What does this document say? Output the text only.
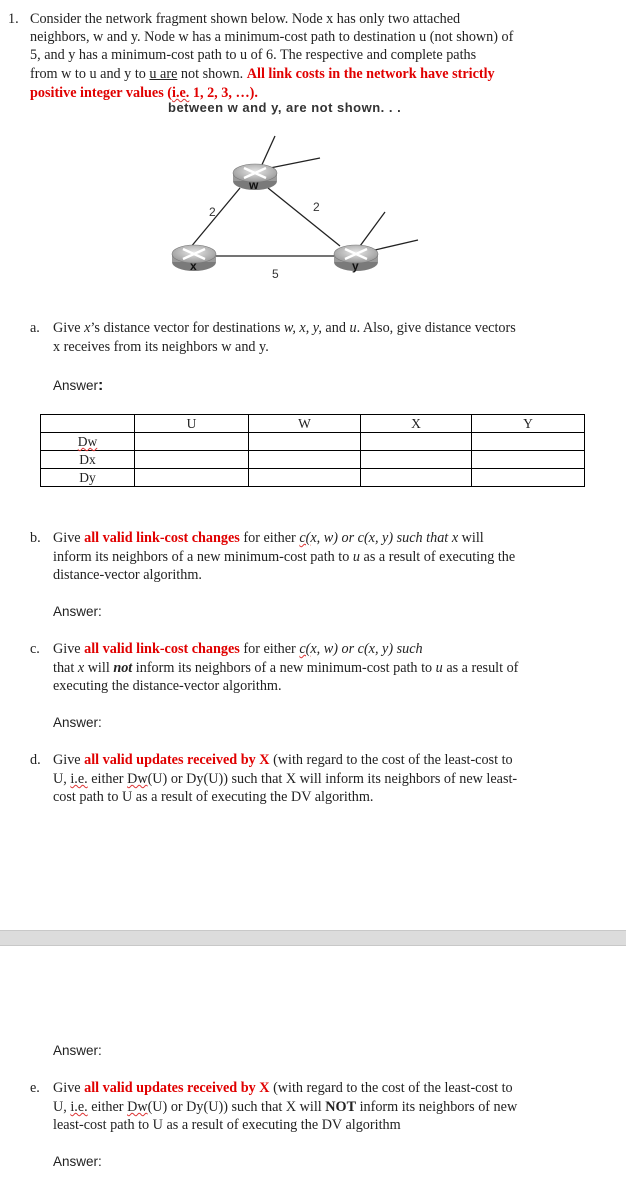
1. Consider the network fragment shown below. Node x has only two attached
neighbors, w and y. Node w has a minimum-cost path to destination u (not shown) of
5, and y has a minimum-cost path to u of 6. The respective and complete paths
from w to u and y to u are not shown. All link costs in the network have strictly
positive integer values (i.e. 1, 2, 3, …).
between w and y, are not shown. . .
w
x	y
2	2
5
a. Give x’s distance vector for destinations w, x, y, and u. Also, give distance vectors
x receives from its neighbors w and y.
Answer:
	U	W	X	Y
Dw				
Dx				
Dy				
b. Give all valid link-cost changes for either c(x, w) or c(x, y) such that x will
inform its neighbors of a new minimum-cost path to u as a result of executing the
distance-vector algorithm.
Answer:
c. Give all valid link-cost changes for either c(x, w) or c(x, y) such
that x will not inform its neighbors of a new minimum-cost path to u as a result of
executing the distance-vector algorithm.
Answer:
d. Give all valid updates received by X (with regard to the cost of the least-cost to
U, i.e. either Dw(U) or Dy(U)) such that X will inform its neighbors of new least-
cost path to U as a result of executing the DV algorithm.
Answer:
e. Give all valid updates received by X (with regard to the cost of the least-cost to
U, i.e. either Dw(U) or Dy(U)) such that X will NOT inform its neighbors of new
least-cost path to U as a result of executing the DV algorithm
Answer:
